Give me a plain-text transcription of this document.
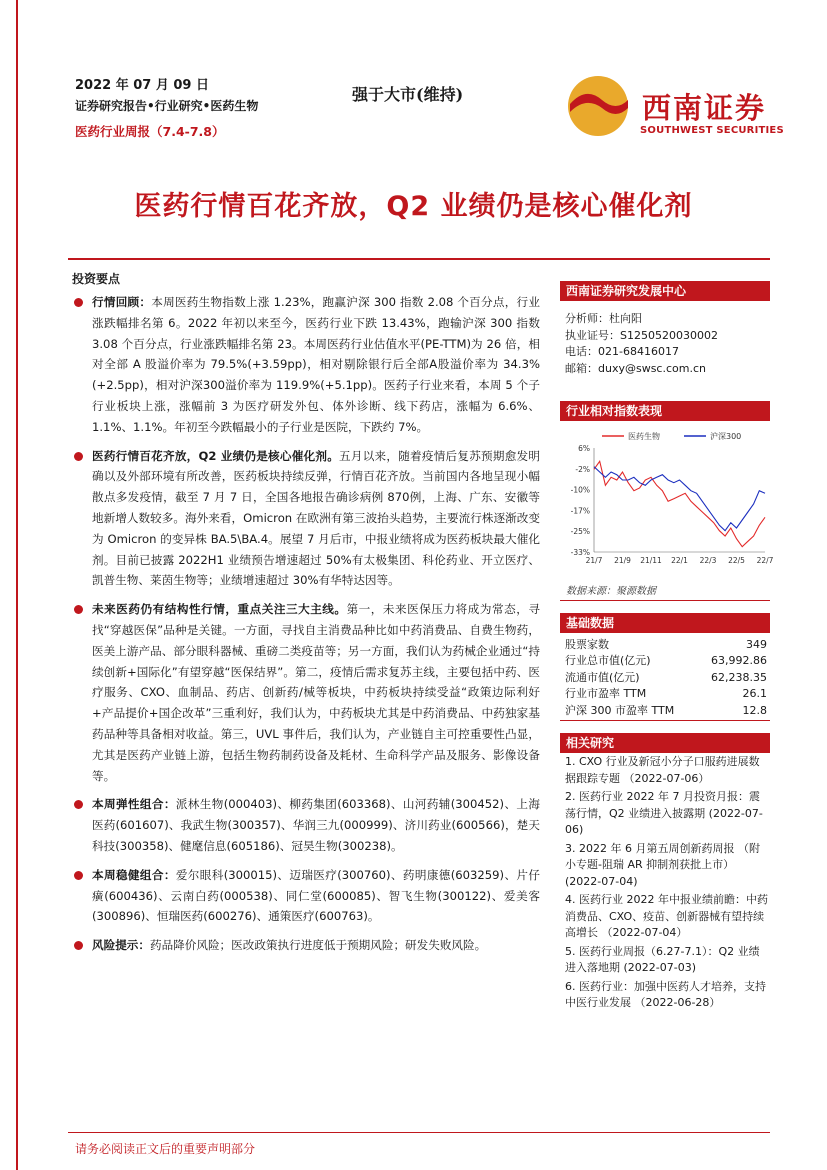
2022 年 07 月 09 日
证券研究报告•行业研究•医药生物
医药行业周报（7.4-7.8）
强于大市(维持)	西南证券
SOUTHWEST SECURITIES
医药行情百花齐放，Q2 业绩仍是核心催化剂
投资要点
行情回顾：本周医药生物指数上涨 1.23%，跑赢沪深 300 指数 2.08 个百分点，行业涨跌幅排名第 6。2022 年初以来至今，医药行业下跌 13.43%，跑输沪深 300 指数 3.08 个百分点，行业涨跌幅排名第 23。本周医药行业估值水平(PE-TTM)为 26 倍，相对全部 A 股溢价率为 79.5%(+3.59pp)，相对剔除银行后全部A股溢价率为 34.3%(+2.5pp)，相对沪深300溢价率为 119.9%(+5.1pp)。医药子行业来看，本周 5 个子行业板块上涨，涨幅前 3 为医疗研发外包、体外诊断、线下药店，涨幅为 6.6%、1.1%、1.1%。年初至今跌幅最小的子行业是医院，下跌约 7%。
医药行情百花齐放，Q2 业绩仍是核心催化剂。五月以来，随着疫情后复苏预期愈发明确以及外部环境有所改善，医药板块持续反弹，行情百花齐放。当前国内各地呈现小幅散点多发疫情，截至 7 月 7 日，全国各地报告确诊病例 870例，上海、广东、安徽等地新增人数较多。海外来看，Omicron 在欧洲有第三波抬头趋势，主要流行株逐渐改变为 Omicron 的变异株 BA.5\BA.4。展望 7 月后市，中报业绩将成为医药板块最大催化剂。目前已披露 2022H1 业绩预告增速超过 50%有太极集团、科伦药业、开立医疗、凯普生物、莱茵生物等；业绩增速超过 30%有华特达因等。
未来医药仍有结构性行情，重点关注三大主线。第一，未来医保压力将成为常态，寻找“穿越医保”品种是关键。一方面，寻找自主消费品种比如中药消费品、自费生物药，医美上游产品、部分眼科器械、重磅二类疫苗等；另一方面，我们认为药械企业通过“持续创新+国际化”有望穿越“医保结界”。第二，疫情后需求复苏主线，主要包括中药、医疗服务、CXO、血制品、药店、创新药/械等板块，中药板块持续受益“政策边际利好+产品提价+国企改革”三重利好，我们认为，中药板块尤其是中药消费品、中药独家基药品种等具备相对收益。第三，UVL 事件后，我们认为，产业链自主可控重要性凸显，尤其是医药产业链上游，包括生物药制药设备及耗材、生命科学产品及服务、影像设备等。
本周弹性组合：派林生物(000403)、柳药集团(603368)、山河药辅(300452)、上海医药(601607)、我武生物(300357)、华润三九(000999)、济川药业(600566)，楚天科技(300358)、健麾信息(605186)、冠昊生物(300238)。
本周稳健组合：爱尔眼科(300015)、迈瑞医疗(300760)、药明康德(603259)、片仔癀(600436)、云南白药(000538)、同仁堂(600085)、智飞生物(300122)、爱美客(300896)、恒瑞医药(600276)、通策医疗(600763)。
风险提示：药品降价风险；医改政策执行进度低于预期风险；研发失败风险。
西南证券研究发展中心
分析师：杜向阳
执业证号：S1250520030002
电话：021-68416017
邮箱：duxy@swsc.com.cn
行业相对指数表现
6%
-2%
-10%
-17%
-25%
-33%
21/7 21/9 21/11 22/1 22/3 22/5 22/7
医药生物	沪深300
数据来源：聚源数据
基础数据
股票家数	349
行业总市值(亿元)	63,992.86
流通市值(亿元)	62,238.35
行业市盈率 TTM	26.1
沪深 300 市盈率 TTM	12.8
相关研究
1. CXO 行业及新冠小分子口服药进展数据跟踪专题 （2022-07-06）
2. 医药行业 2022 年 7 月投资月报：震荡行情，Q2 业绩进入披露期 (2022-07-06)
3. 2022 年 6 月第五周创新药周报 （附小专题-阻瑞 AR 抑制剂获批上市） (2022-07-04)
4. 医药行业 2022 年中报业绩前瞻：中药消费品、CXO、疫苗、创新器械有望持续高增长 （2022-07-04）
5. 医药行业周报（6.27-7.1）：Q2 业绩进入落地期 (2022-07-03)
6. 医药行业：加强中医药人才培养，支持中医行业发展 （2022-06-28）
请务必阅读正文后的重要声明部分
